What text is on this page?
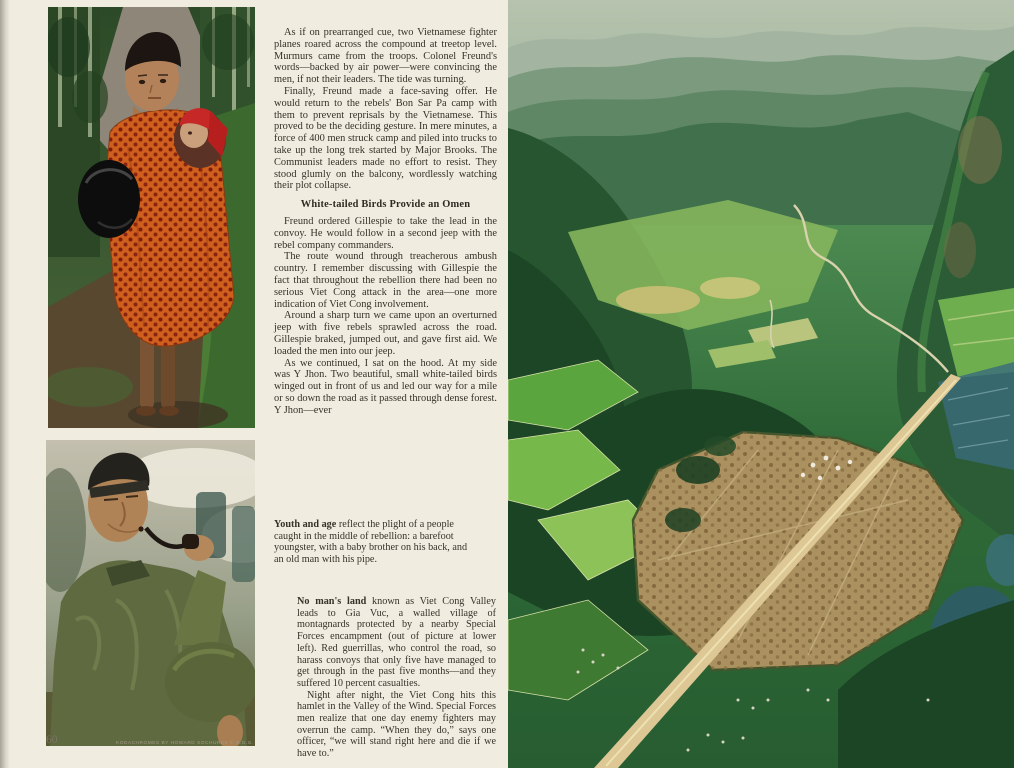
As if on prearranged cue, two Vietnamese fighter planes roared across the compound at treetop level. Murmurs came from the troops. Colonel Freund's words—backed by air power—were convincing the men, if not their leaders. The tide was turning.

Finally, Freund made a face-saving offer. He would return to the rebels' Bon Sar Pa camp with them to prevent reprisals by the Vietnamese. This proved to be the deciding gesture. In mere minutes, a force of 400 men struck camp and piled into trucks to take up the long trek started by Major Brooks. The Communist leaders made no effort to resist. They stood glumly on the balcony, wordlessly watching their plot collapse.

White-tailed Birds Provide an Omen

Freund ordered Gillespie to take the lead in the convoy. He would follow in a second jeep with the rebel company commanders.

The route wound through treacherous ambush country. I remember discussing with Gillespie the fact that throughout the rebellion there had been no serious Viet Cong attack in the area—one more indication of Viet Cong involvement.

Around a sharp turn we came upon an overturned jeep with five rebels sprawled across the road. Gillespie braked, jumped out, and gave first aid. We loaded the men into our jeep.

As we continued, I sat on the hood. At my side was Y Jhon. Two beautiful, small white-tailed birds winged out in front of us and led our way for a mile or so down the road as it passed through dense forest. Y Jhon—ever

Youth and age reflect the plight of a people caught in the middle of rebellion: a barefoot youngster, with a baby brother on his back, and an old man with his pipe.

No man's land known as Viet Cong Valley leads to Gia Vuc, a walled village of montagnards protected by a nearby Special Forces encampment (out of picture at lower left). Red guerrillas, who control the road, so harass convoys that only five have managed to get through in the past five months—and they suffered 10 percent casualties.

Night after night, the Viet Cong hits this hamlet in the Valley of the Wind. Special Forces men realize that one day enemy fighters may overrun the camp. “When they do,” says one officer, “we will stand right here and die if we have to.”

60	KODACHROMES BY HOWARD SOCHUREK © N.G.S.
